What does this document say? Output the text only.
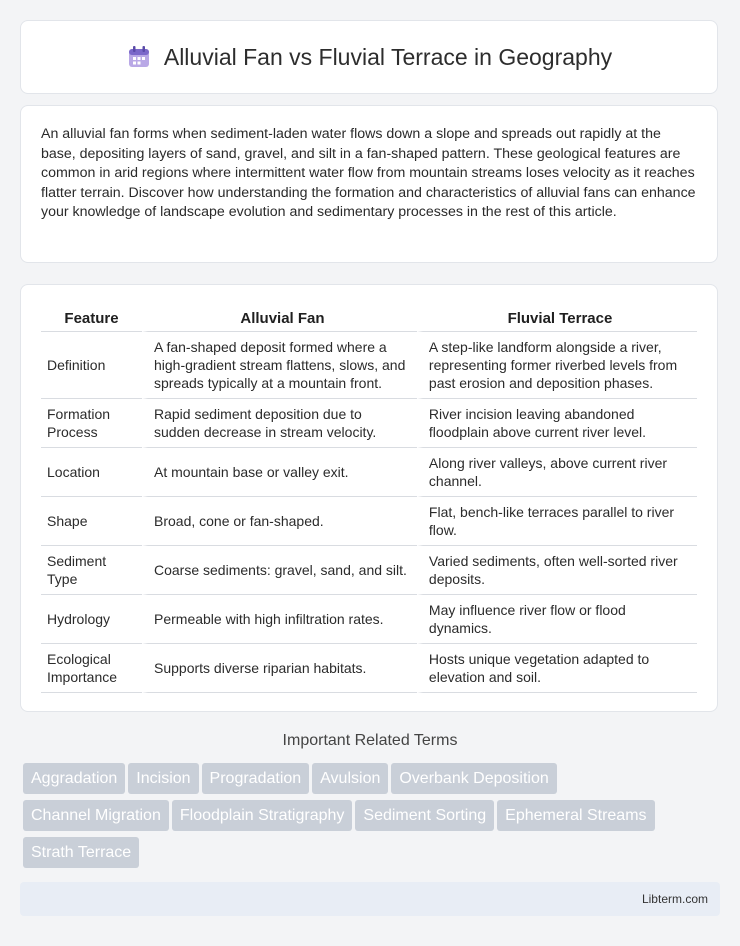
Alluvial Fan vs Fluvial Terrace in Geography

An alluvial fan forms when sediment-laden water flows down a slope and spreads out rapidly at the base, depositing layers of sand, gravel, and silt in a fan-shaped pattern. These geological features are common in arid regions where intermittent water flow from mountain streams loses velocity as it reaches flatter terrain. Discover how understanding the formation and characteristics of alluvial fans can enhance your knowledge of landscape evolution and sedimentary processes in the rest of this article.

Feature	Alluvial Fan	Fluvial Terrace
Definition	A fan-shaped deposit formed where a high-gradient stream flattens, slows, and spreads typically at a mountain front.	A step-like landform alongside a river, representing former riverbed levels from past erosion and deposition phases.
Formation Process	Rapid sediment deposition due to sudden decrease in stream velocity.	River incision leaving abandoned floodplain above current river level.
Location	At mountain base or valley exit.	Along river valleys, above current river channel.
Shape	Broad, cone or fan-shaped.	Flat, bench-like terraces parallel to river flow.
Sediment Type	Coarse sediments: gravel, sand, and silt.	Varied sediments, often well-sorted river deposits.
Hydrology	Permeable with high infiltration rates.	May influence river flow or flood dynamics.
Ecological Importance	Supports diverse riparian habitats.	Hosts unique vegetation adapted to elevation and soil.
Important Related Terms
Aggradation Incision Progradation Avulsion Overbank Deposition
Channel Migration Floodplain Stratigraphy Sediment Sorting Ephemeral Streams
Strath Terrace
Libterm.com
